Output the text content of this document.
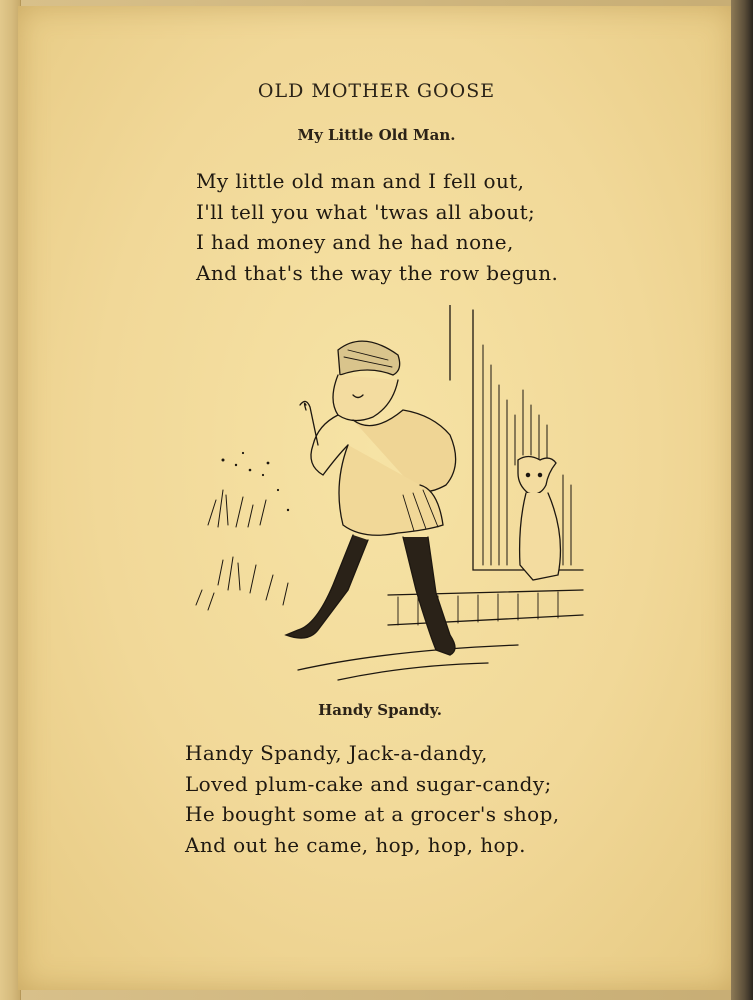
OLD MOTHER GOOSE
My Little Old Man.
My little old man and I fell out,
I'll tell you what 'twas all about;
I had money and he had none,
And that's the way the row begun.
Handy Spandy.
Handy Spandy, Jack-a-dandy,
Loved plum-cake and sugar-candy;
He bought some at a grocer's shop,
And out he came, hop, hop, hop.
